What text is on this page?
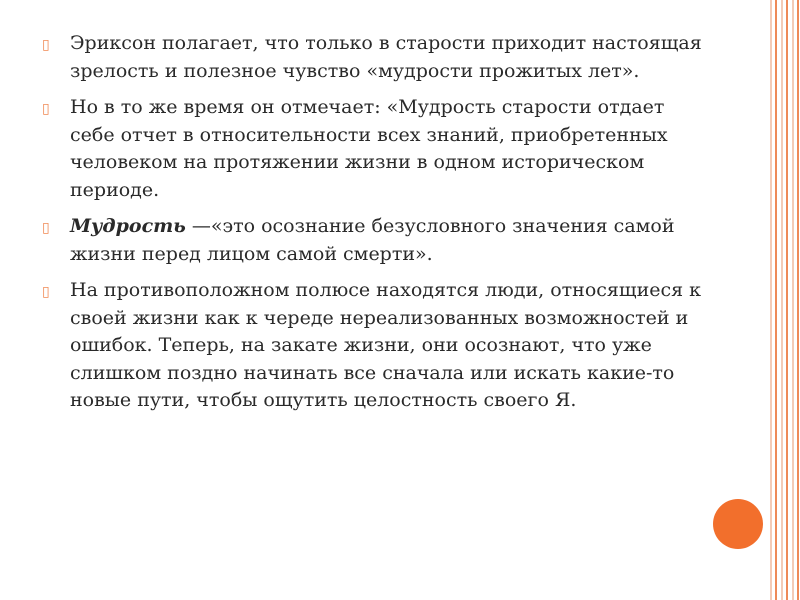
▯	Эриксон полагает, что только в старости приходит настоящая зрелость и полезное чувство «мудрости прожитых лет».
▯	Но в то же время он отмечает: «Мудрость старости отдает себе отчет в относительности всех знаний, приобретенных человеком на протяжении жизни в одном историческом периоде.
▯	Мудрость —«это осознание безусловного значения самой жизни перед лицом самой смерти».
▯	На противоположном полюсе находятся люди, относящиеся к своей жизни как к череде нереализованных возможностей и ошибок. Теперь, на закате жизни, они осознают, что уже слишком поздно начинать все сначала или искать какие-то новые пути, чтобы ощутить целостность своего Я.
